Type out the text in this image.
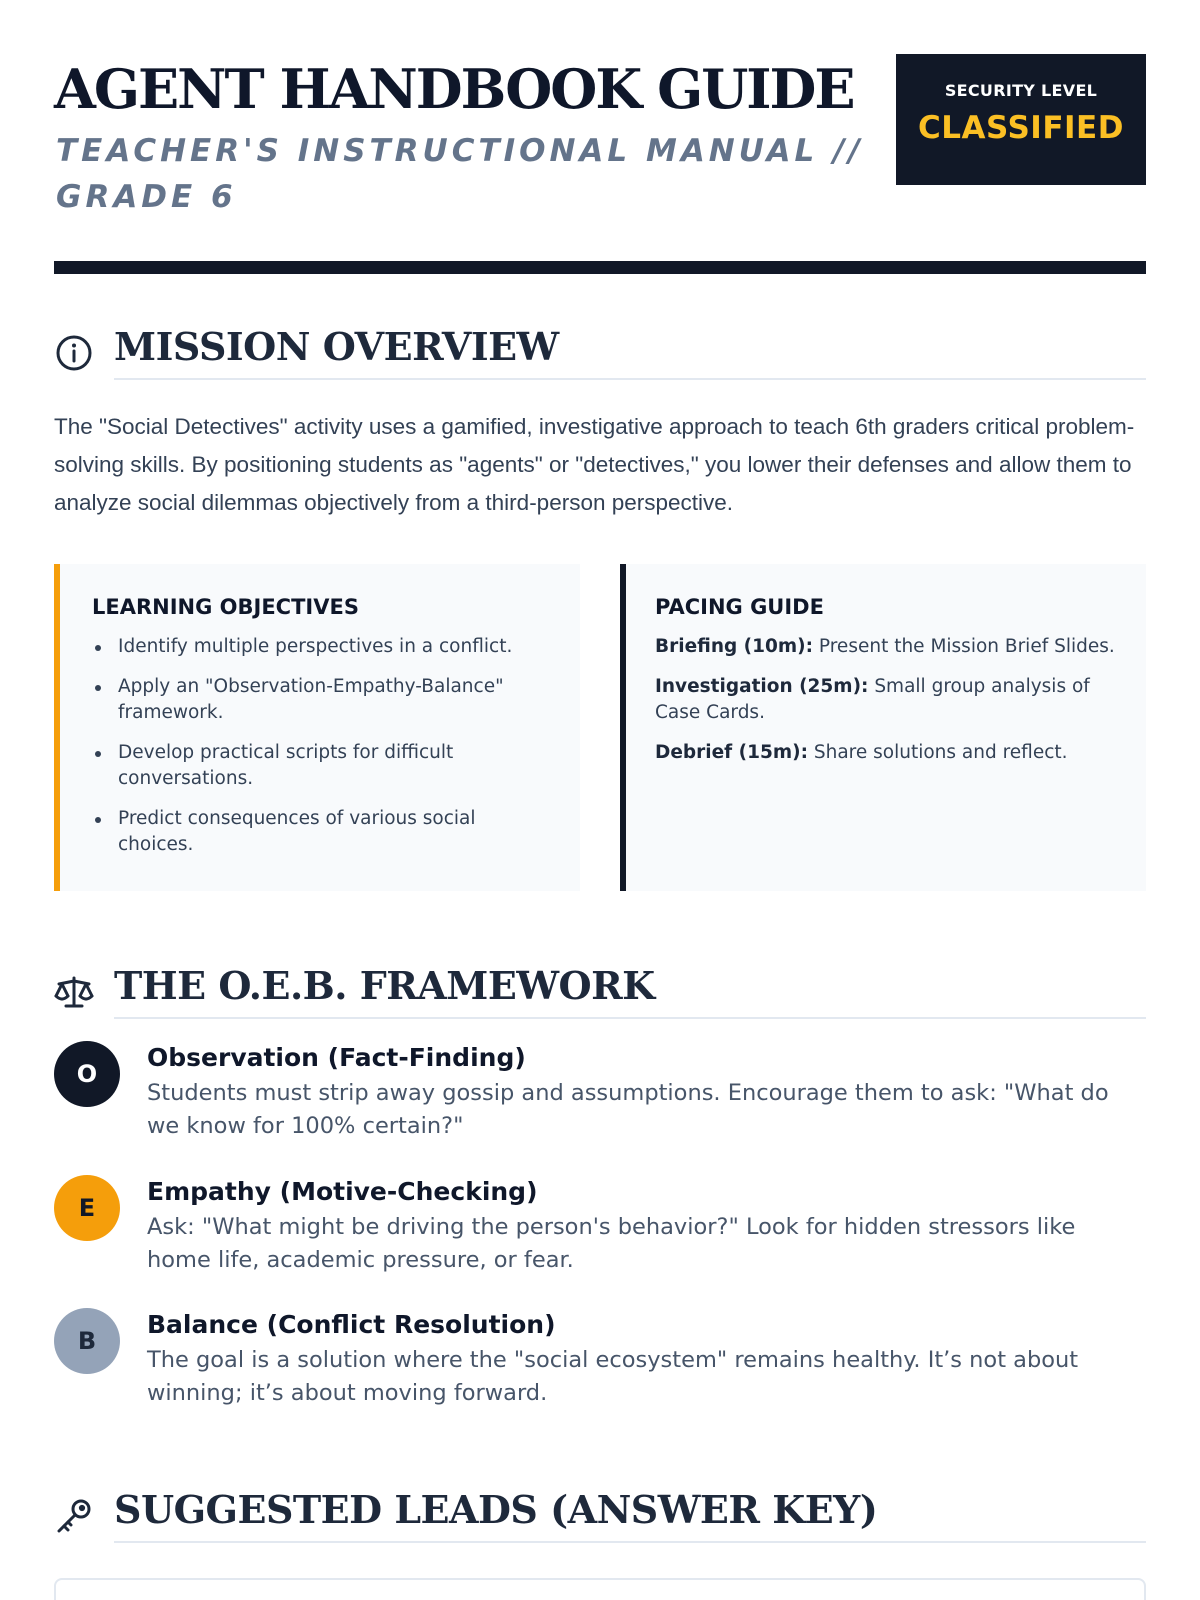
AGENT HANDBOOK GUIDE
TEACHER'S INSTRUCTIONAL MANUAL // GRADE 6
SECURITY LEVEL
CLASSIFIED
MISSION OVERVIEW

The "Social Detectives" activity uses a gamified, investigative approach to teach 6th graders critical problem-solving skills. By positioning students as "agents" or "detectives," you lower their defenses and allow them to analyze social dilemmas objectively from a third-person perspective.

LEARNING OBJECTIVES
Identify multiple perspectives in a conflict.
Apply an "Observation-Empathy-Balance" framework.
Develop practical scripts for difficult conversations.
Predict consequences of various social choices.
PACING GUIDE

Briefing (10m): Present the Mission Brief Slides.

Investigation (25m): Small group analysis of Case Cards.

Debrief (15m): Share solutions and reflect.

THE O.E.B. FRAMEWORK
O
Observation (Fact-Finding)
Students must strip away gossip and assumptions. Encourage them to ask: "What do we know for 100% certain?"
E
Empathy (Motive-Checking)
Ask: "What might be driving the person's behavior?" Look for hidden stressors like home life, academic pressure, or fear.
B
Balance (Conflict Resolution)
The goal is a solution where the "social ecosystem" remains healthy. It’s not about winning; it’s about moving forward.
SUGGESTED LEADS (ANSWER KEY)
